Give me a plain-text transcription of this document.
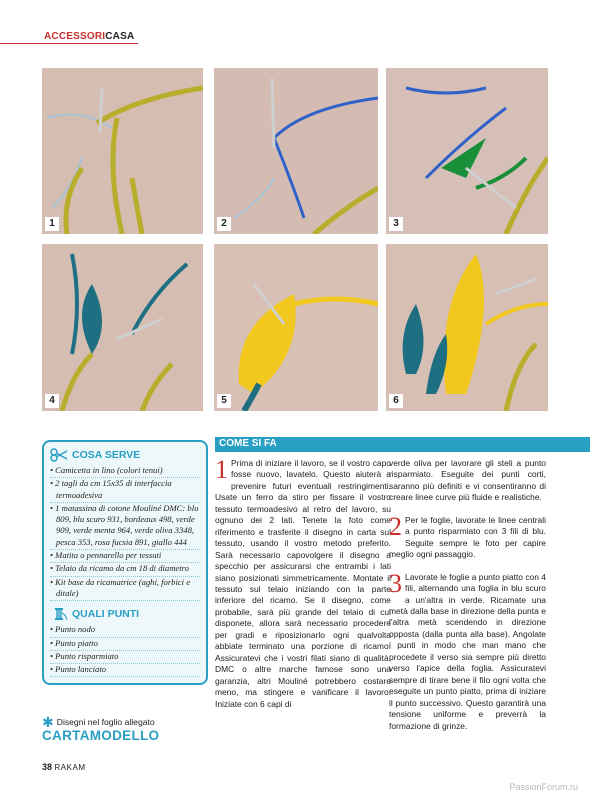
ACCESSORICASA
1	2	3
4	5	6
COSA SERVE
• Camicetta in lino (colori tenui)
• 2 tagli da cm 15x35 di interfaccia termoadesiva
• 1 matassina di cotone Mouliné DMC: blu 809, blu scuro 931, bordeaux 498, verde 909, verde menta 964, verde oliva 3348, pesca 353, rosa fucsia 891, giallo 444
• Matita o pennarello per tessuti
• Telaio da ricamo da cm 18 di diametro
• Kit base da ricamatrice (aghi, forbici e ditale)
QUALI PUNTI
• Punto nodo
• Punto piatto
• Punto risparmiato
• Punto lanciato
✱ Disegni nel foglio allegato
CARTAMODELLO
38 RAKAM
PassionForum.ru
COME SI FA

1 Prima di iniziare il lavoro, se il vostro capo fosse nuovo, lavatelo. Questo aiuterà a prevenire futuri eventuali restringimenti. Usate un ferro da stiro per fissare il vostro tessuto termoadesivo al retro del lavoro, su ognuno dei 2 lati. Tenete la foto come riferimento e trasferite il disegno in carta sul tessuto, usando il vostro metodo preferito. Sarà necessario capovolgere il disegno a specchio per assicurarsi che entrambi i lati siano posizionati simmetricamente. Montate il tessuto sul telaio iniziando con la parte inferiore del ricamo. Se il disegno, come probabile, sarà più grande del telaio di cui disponete, allora sarà necessario procedere per gradi e riposizionarlo ogni qualvolta abbiate terminato una porzione di ricamo. Assicuratevi che i vostri filati siano di qualità. DMC o altre marche famose sono una garanzia, altri Mouliné potrebbero costare meno, ma stingere e vanificare il lavoro. Iniziate con 6 capi di

verde oliva per lavorare gli steli a punto risparmiato. Eseguite dei punti corti, saranno più definiti e vi consentiranno di creare linee curve più fluide e realistiche.

2 Per le foglie, lavorate le linee centrali a punto risparmiato con 3 fili di blu. Seguite sempre le foto per capire meglio ogni passaggio.

3 Lavorate le foglie a punto piatto con 4 fili, alternando una foglia in blu scuro a un'altra in verde. Ricamate una metà dalla base in direzione della punta e l'altra metà scendendo in direzione opposta (dalla punta alla base). Angolate i punti in modo che man mano che procedete il verso sia sempre più diretto verso l'apice della foglia. Assicuratevi sempre di tirare bene il filo ogni volta che eseguite un punto piatto, prima di iniziare il punto successivo. Questo garantirà una tensione uniforme e preverrà la formazione di grinze.
